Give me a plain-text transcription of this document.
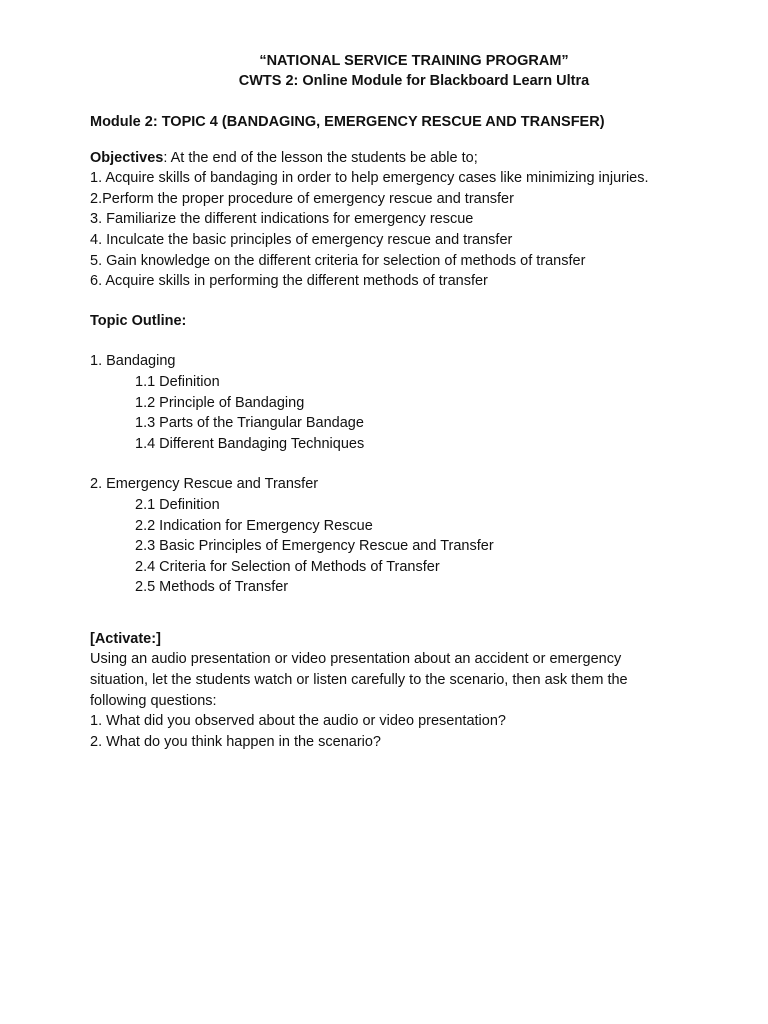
“NATIONAL SERVICE TRAINING PROGRAM”
CWTS 2: Online Module for Blackboard Learn Ultra
Module 2: TOPIC 4 (BANDAGING, EMERGENCY RESCUE AND TRANSFER)
Objectives: At the end of the lesson the students be able to;
1. Acquire skills of bandaging in order to help emergency cases like minimizing injuries.
2.Perform the proper procedure of emergency rescue and transfer
3. Familiarize the different indications for emergency rescue
4. Inculcate the basic principles of emergency rescue and transfer
5. Gain knowledge on the different criteria for selection of methods of transfer
6. Acquire skills in performing the different methods of transfer
Topic Outline:
1. Bandaging
1.1 Definition
1.2 Principle of Bandaging
1.3 Parts of the Triangular Bandage
1.4 Different Bandaging Techniques
2. Emergency Rescue and Transfer
2.1 Definition
2.2 Indication for Emergency Rescue
2.3 Basic Principles of Emergency Rescue and Transfer
2.4 Criteria for Selection of Methods of Transfer
2.5 Methods of Transfer
[Activate:]
Using an audio presentation or video presentation about an accident or emergency
situation, let the students watch or listen carefully to the scenario, then ask them the
following questions:
1. What did you observed about the audio or video presentation?
2. What do you think happen in the scenario?
